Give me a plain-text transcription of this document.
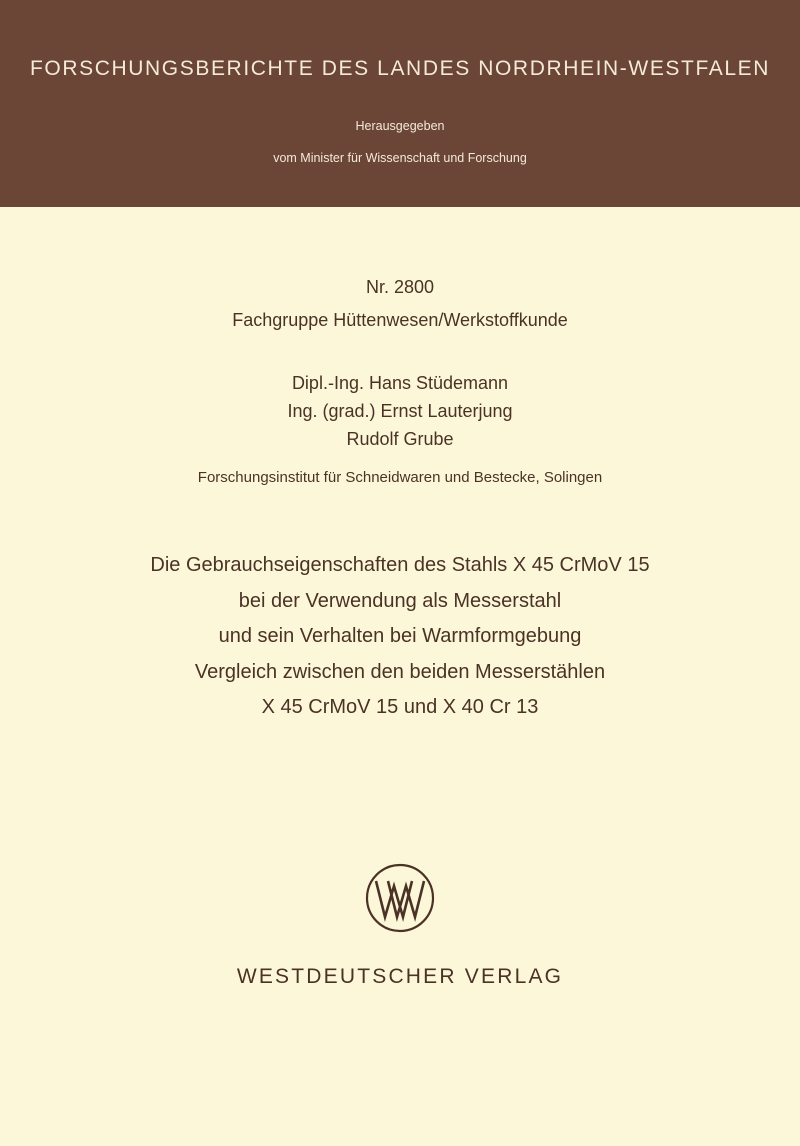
FORSCHUNGSBERICHTE DES LANDES NORDRHEIN-WESTFALEN
Herausgegeben
vom Minister für Wissenschaft und Forschung
Nr. 2800
Fachgruppe Hüttenwesen/Werkstoffkunde
Dipl.-Ing. Hans Stüdemann
Ing. (grad.) Ernst Lauterjung
Rudolf Grube
Forschungsinstitut für Schneidwaren und Bestecke, Solingen
Die Gebrauchseigenschaften des Stahls X 45 CrMoV 15
bei der Verwendung als Messerstahl
und sein Verhalten bei Warmformgebung
Vergleich zwischen den beiden Messerstählen
X 45 CrMoV 15 und X 40 Cr 13
WESTDEUTSCHER VERLAG
